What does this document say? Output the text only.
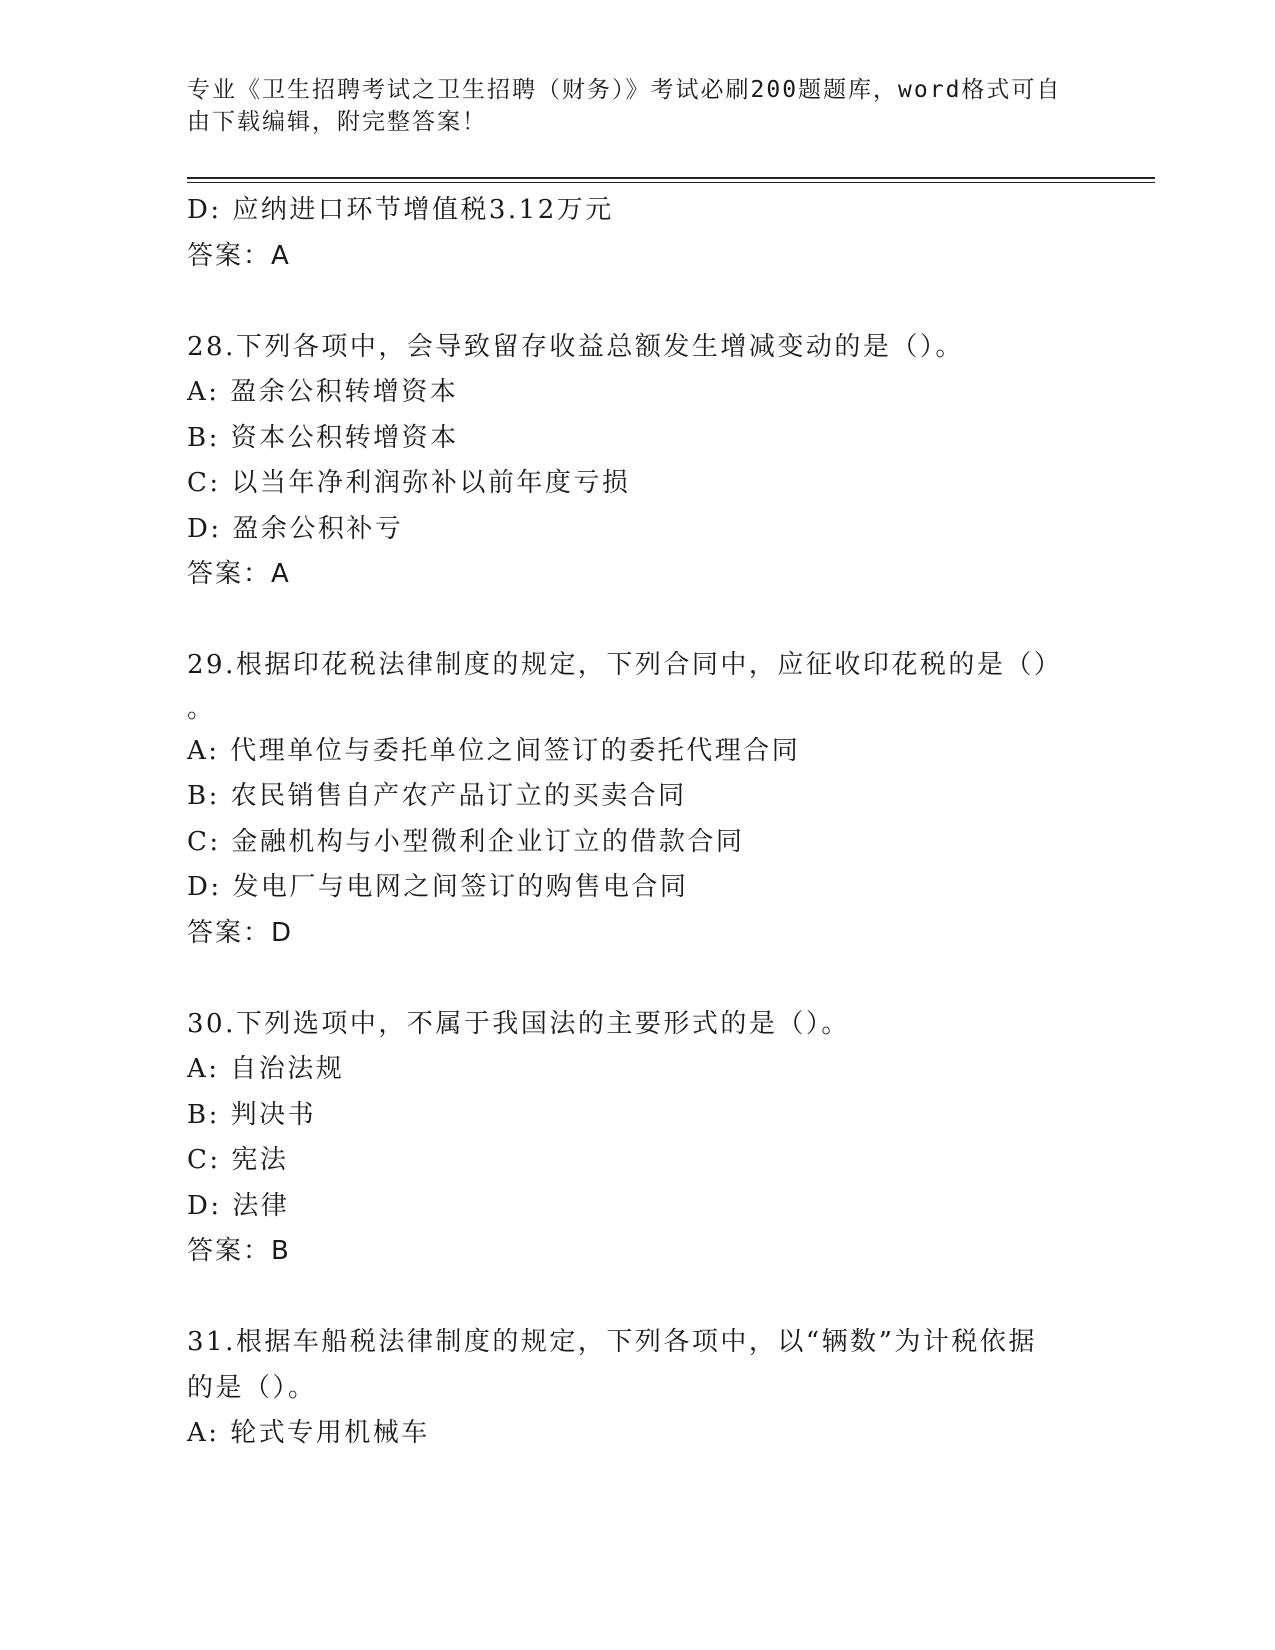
专业《卫生招聘考试之卫生招聘（财务）》考试必刷200题题库，word格式可自
由下载编辑，附完整答案！
D: 应纳进口环节增值税3.12万元
答案：A
28.下列各项中，会导致留存收益总额发生增减变动的是（）。
A: 盈余公积转增资本
B: 资本公积转增资本
C: 以当年净利润弥补以前年度亏损
D: 盈余公积补亏
答案：A
29.根据印花税法律制度的规定，下列合同中，应征收印花税的是（）
。
A: 代理单位与委托单位之间签订的委托代理合同
B: 农民销售自产农产品订立的买卖合同
C: 金融机构与小型微利企业订立的借款合同
D: 发电厂与电网之间签订的购售电合同
答案：D
30.下列选项中，不属于我国法的主要形式的是（）。
A: 自治法规
B: 判决书
C: 宪法
D: 法律
答案：B
31.根据车船税法律制度的规定，下列各项中，以“辆数”为计税依据
的是（）。
A: 轮式专用机械车
